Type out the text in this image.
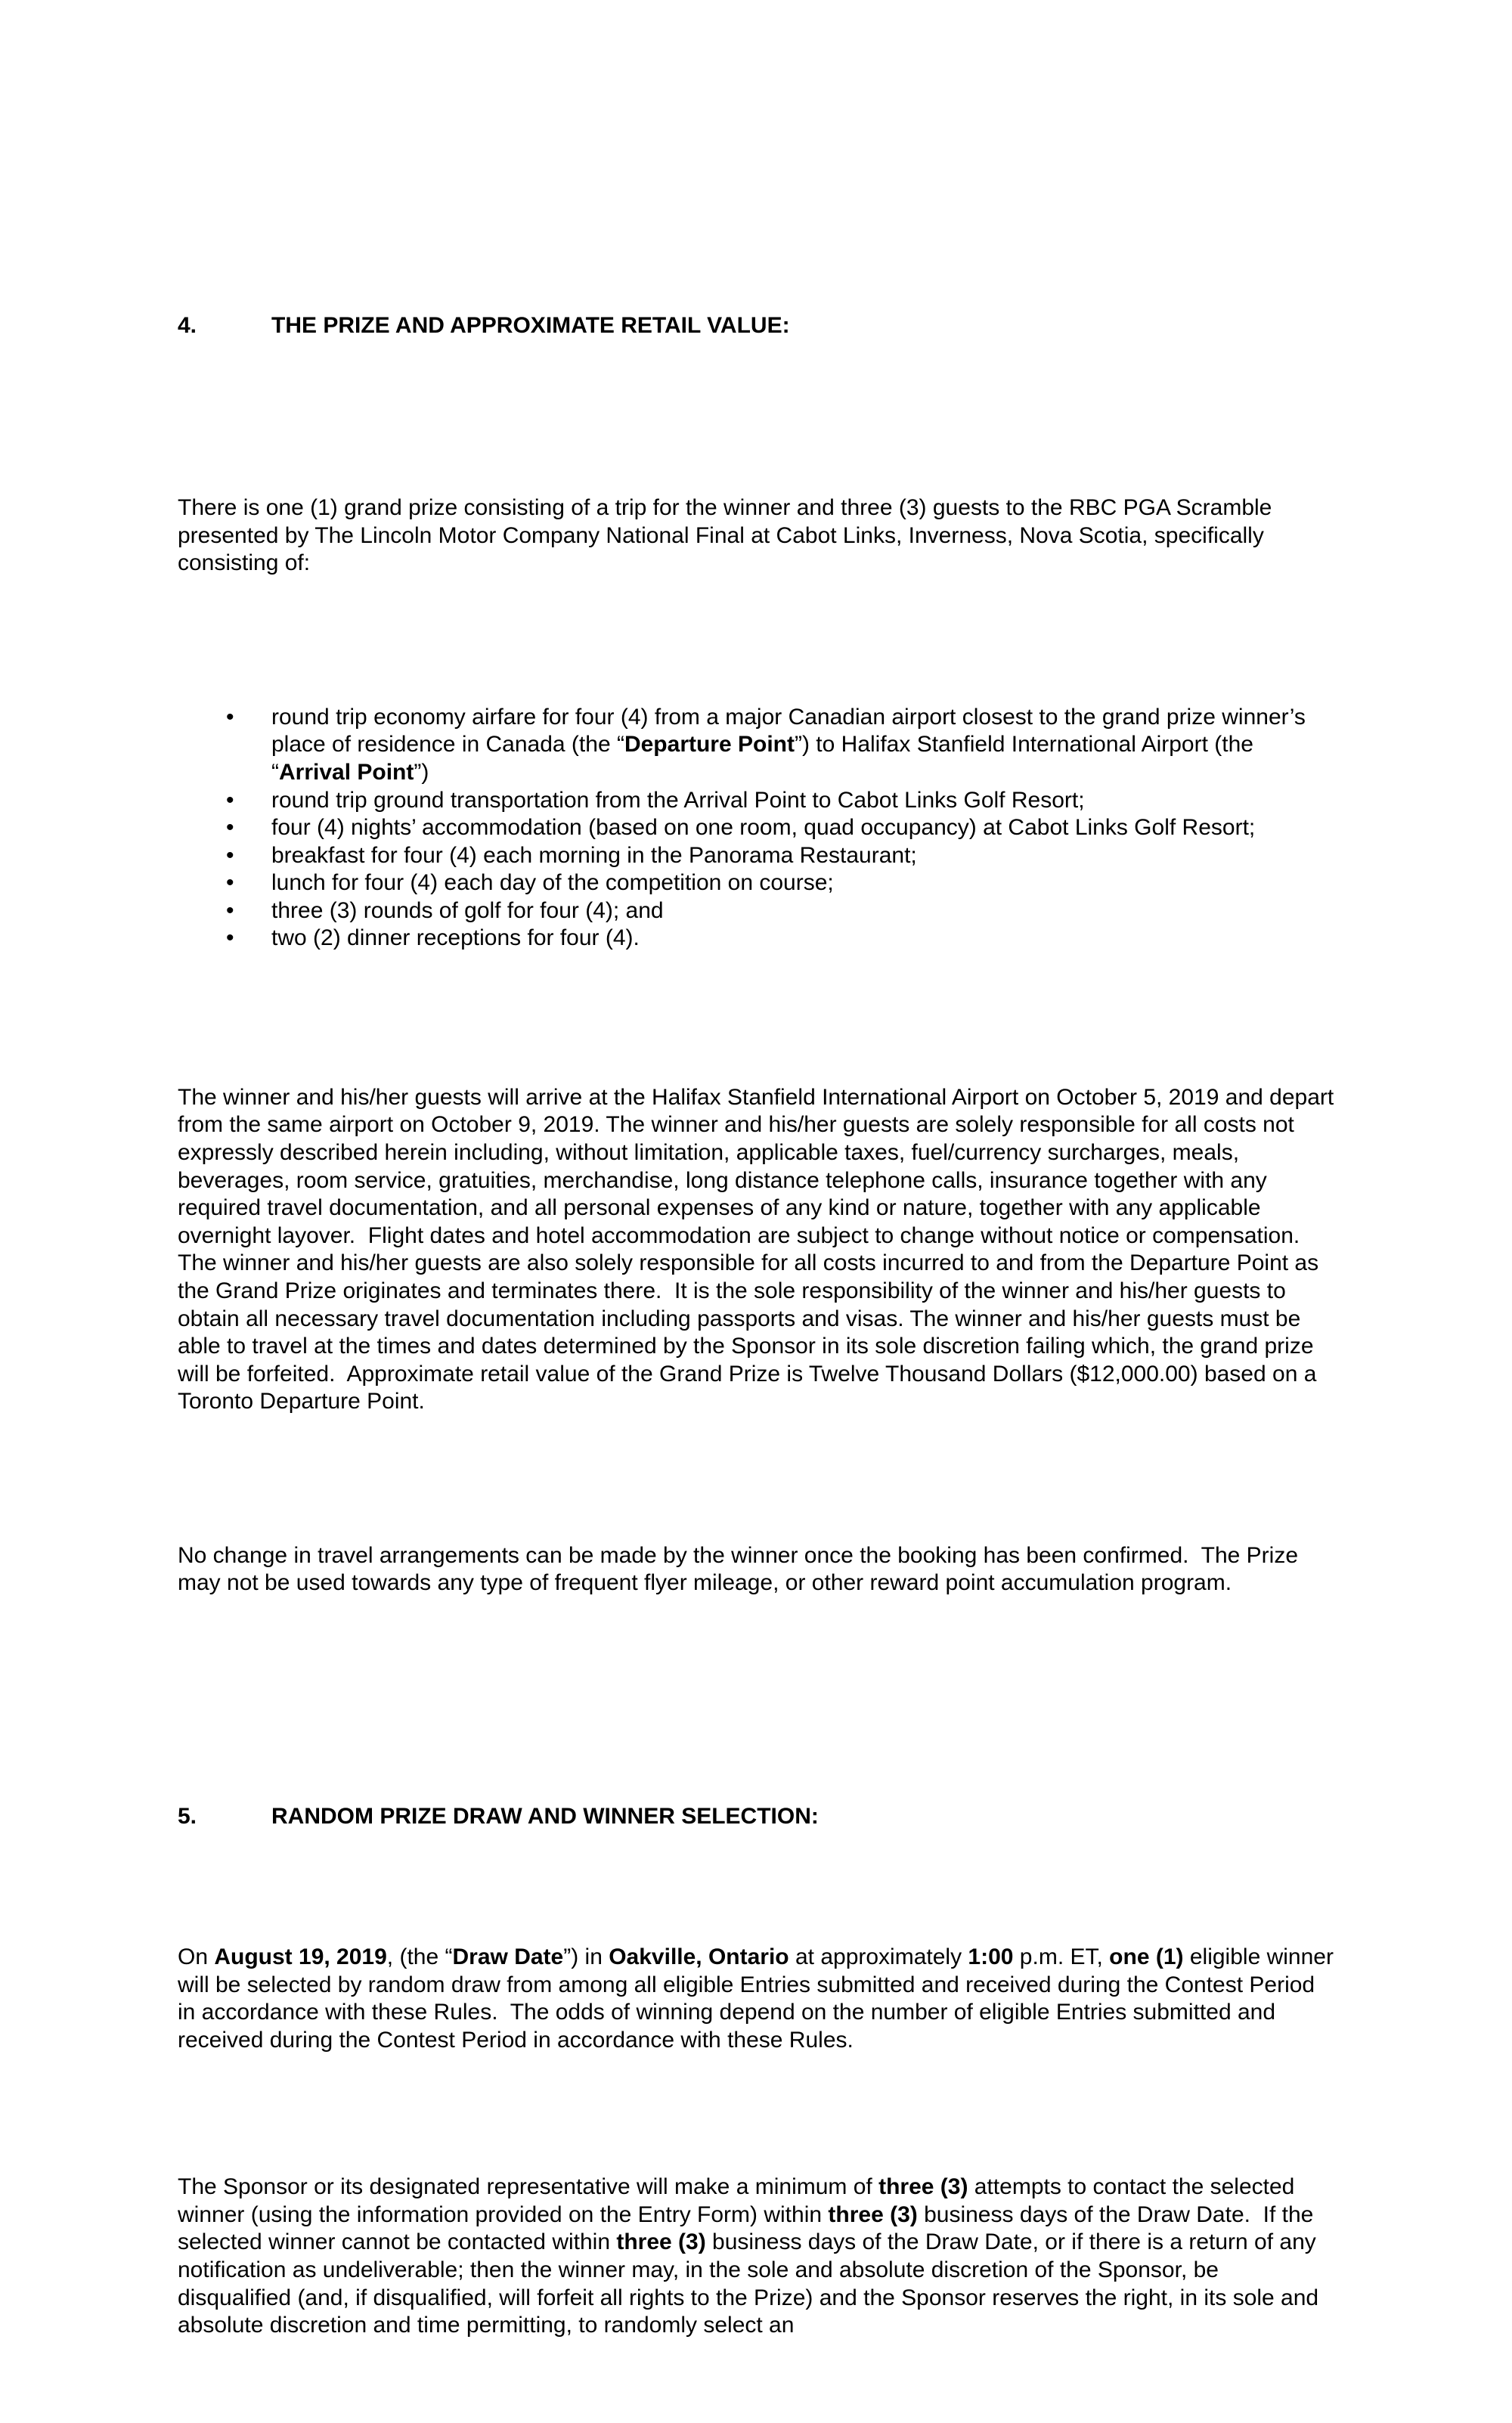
4.	THE PRIZE AND APPROXIMATE RETAIL VALUE:

There is one (1) grand prize consisting of a trip for the winner and three (3) guests to the RBC PGA Scramble presented by The Lincoln Motor Company National Final at Cabot Links, Inverness, Nova Scotia, specifically consisting of:

• round trip economy airfare for four (4) from a major Canadian airport closest to the grand prize winner’s place of residence in Canada (the “Departure Point”) to Halifax Stanfield International Airport (the “Arrival Point”)
• round trip ground transportation from the Arrival Point to Cabot Links Golf Resort;
• four (4) nights’ accommodation (based on one room, quad occupancy) at Cabot Links Golf Resort;
• breakfast for four (4) each morning in the Panorama Restaurant;
• lunch for four (4) each day of the competition on course;
• three (3) rounds of golf for four (4); and
• two (2) dinner receptions for four (4).

The winner and his/her guests will arrive at the Halifax Stanfield International Airport on October 5, 2019 and depart from the same airport on October 9, 2019. The winner and his/her guests are solely responsible for all costs not expressly described herein including, without limitation, applicable taxes, fuel/currency surcharges, meals, beverages, room service, gratuities, merchandise, long distance telephone calls, insurance together with any required travel documentation, and all personal expenses of any kind or nature, together with any applicable overnight layover.  Flight dates and hotel accommodation are subject to change without notice or compensation.  The winner and his/her guests are also solely responsible for all costs incurred to and from the Departure Point as the Grand Prize originates and terminates there.  It is the sole responsibility of the winner and his/her guests to obtain all necessary travel documentation including passports and visas. The winner and his/her guests must be able to travel at the times and dates determined by the Sponsor in its sole discretion failing which, the grand prize will be forfeited.  Approximate retail value of the Grand Prize is Twelve Thousand Dollars ($12,000.00) based on a Toronto Departure Point.

No change in travel arrangements can be made by the winner once the booking has been confirmed.  The Prize may not be used towards any type of frequent flyer mileage, or other reward point accumulation program.

5.	RANDOM PRIZE DRAW AND WINNER SELECTION:

On August 19, 2019, (the “Draw Date”) in Oakville, Ontario at approximately 1:00 p.m. ET, one (1) eligible winner will be selected by random draw from among all eligible Entries submitted and received during the Contest Period in accordance with these Rules.  The odds of winning depend on the number of eligible Entries submitted and received during the Contest Period in accordance with these Rules.

The Sponsor or its designated representative will make a minimum of three (3) attempts to contact the selected winner (using the information provided on the Entry Form) within three (3) business days of the Draw Date.  If the selected winner cannot be contacted within three (3) business days of the Draw Date, or if there is a return of any notification as undeliverable; then the winner may, in the sole and absolute discretion of the Sponsor, be disqualified (and, if disqualified, will forfeit all rights to the Prize) and the Sponsor reserves the right, in its sole and absolute discretion and time permitting, to randomly select an
